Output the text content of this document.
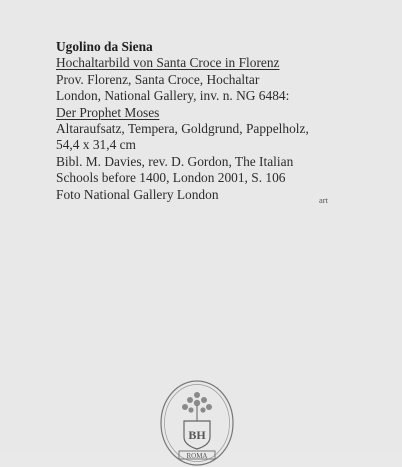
Ugolino da Siena
Hochaltarbild von Santa Croce in Florenz
Prov. Florenz, Santa Croce, Hochaltar
London, National Gallery, inv. n. NG 6484:
Der Prophet Moses
Altaraufsatz, Tempera, Goldgrund, Pappelholz,
54,4 x 31,4 cm
Bibl. M. Davies, rev. D. Gordon, The Italian
Schools before 1400, London 2001, S. 106
Foto National Gallery London	art
BH
ROMA
